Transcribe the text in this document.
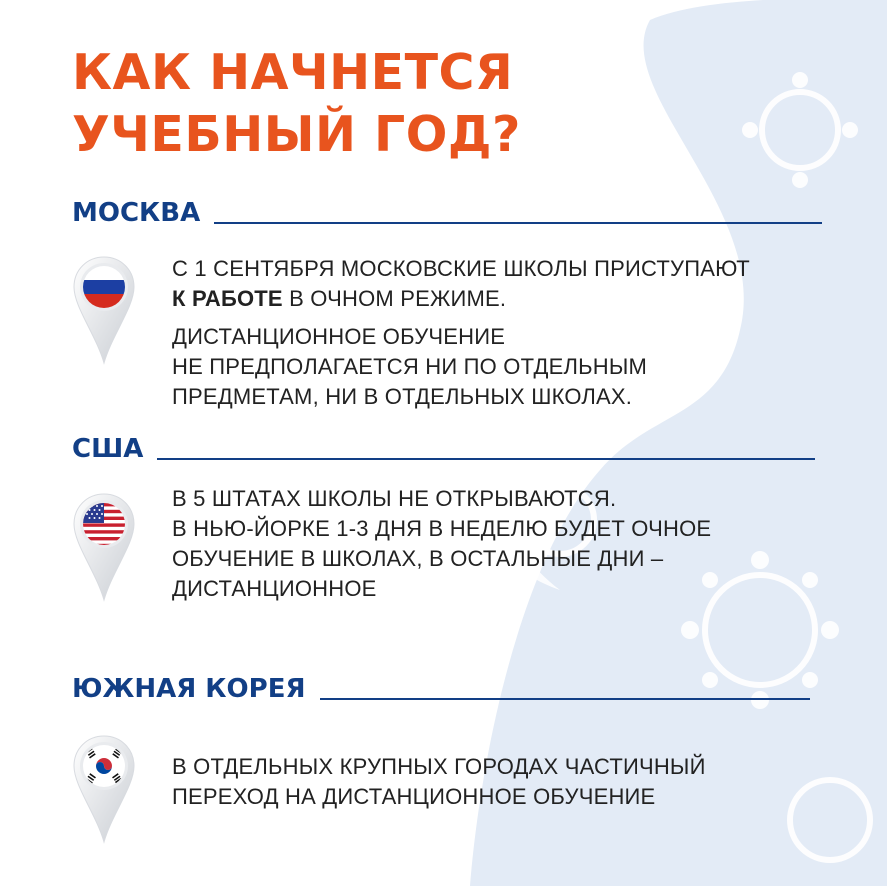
КАК НАЧНЕТСЯ
УЧЕБНЫЙ ГОД?
МОСКВА

С 1 СЕНТЯБРЯ МОСКОВСКИЕ ШКОЛЫ ПРИСТУПАЮТ
К РАБОТЕ В ОЧНОМ РЕЖИМЕ.

ДИСТАНЦИОННОЕ ОБУЧЕНИЕ
НЕ ПРЕДПОЛАГАЕТСЯ НИ ПО ОТДЕЛЬНЫМ
ПРЕДМЕТАМ, НИ В ОТДЕЛЬНЫХ ШКОЛАХ.

США

В 5 ШТАТАХ ШКОЛЫ НЕ ОТКРЫВАЮТСЯ.
В НЬЮ-ЙОРКЕ 1-3 ДНЯ В НЕДЕЛЮ БУДЕТ ОЧНОЕ
ОБУЧЕНИЕ В ШКОЛАХ, В ОСТАЛЬНЫЕ ДНИ –
ДИСТАНЦИОННОЕ

ЮЖНАЯ КОРЕЯ

В ОТДЕЛЬНЫХ КРУПНЫХ ГОРОДАХ ЧАСТИЧНЫЙ
ПЕРЕХОД НА ДИСТАНЦИОННОЕ ОБУЧЕНИЕ
